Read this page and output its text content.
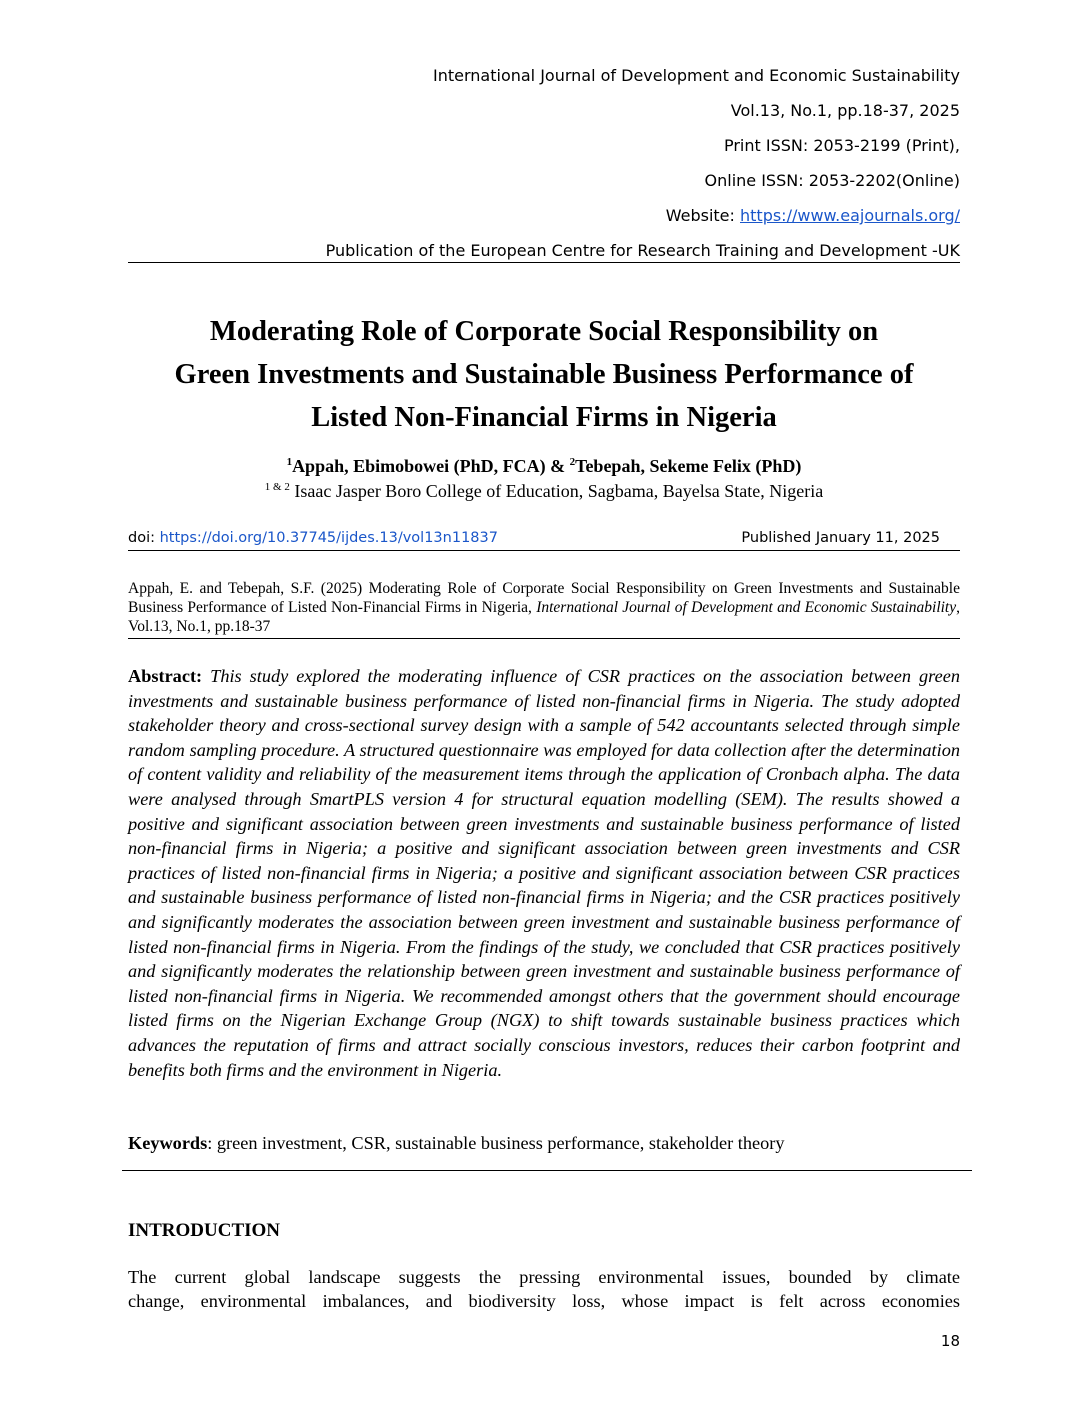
International Journal of Development and Economic Sustainability
Vol.13, No.1, pp.18-37, 2025
Print ISSN: 2053-2199 (Print),
Online ISSN: 2053-2202(Online)
Website: https://www.eajournals.org/
Publication of the European Centre for Research Training and Development -UK
Moderating Role of Corporate Social Responsibility on
Green Investments and Sustainable Business Performance of
Listed Non-Financial Firms in Nigeria
$^1$Appah, Ebimobowei (PhD, FCA) & $^2$Tebepah, Sekeme Felix (PhD)
$^{1 \& 2}$ Isaac Jasper Boro College of Education, Sagbama, Bayelsa State, Nigeria
doi: https://doi.org/10.37745/ijdes.13/vol13n11837	Published January 11, 2025
Appah, E. and Tebepah, S.F. (2025) Moderating Role of Corporate Social Responsibility on Green Investments and Sustainable Business Performance of Listed Non-Financial Firms in Nigeria, International Journal of Development and Economic Sustainability, Vol.13, No.1, pp.18-37
Abstract: This study explored the moderating influence of CSR practices on the association between green investments and sustainable business performance of listed non-financial firms in Nigeria. The study adopted stakeholder theory and cross-sectional survey design with a sample of 542 accountants selected through simple random sampling procedure. A structured questionnaire was employed for data collection after the determination of content validity and reliability of the measurement items through the application of Cronbach alpha. The data were analysed through SmartPLS version 4 for structural equation modelling (SEM). The results showed a positive and significant association between green investments and sustainable business performance of listed non-financial firms in Nigeria; a positive and significant association between green investments and CSR practices of listed non-financial firms in Nigeria; a positive and significant association between CSR practices and sustainable business performance of listed non-financial firms in Nigeria; and the CSR practices positively and significantly moderates the association between green investment and sustainable business performance of listed non-financial firms in Nigeria. From the findings of the study, we concluded that CSR practices positively and significantly moderates the relationship between green investment and sustainable business performance of listed non-financial firms in Nigeria. We recommended amongst others that the government should encourage listed firms on the Nigerian Exchange Group (NGX) to shift towards sustainable business practices which advances the reputation of firms and attract socially conscious investors, reduces their carbon footprint and benefits both firms and the environment in Nigeria.
Keywords: green investment, CSR, sustainable business performance, stakeholder theory
INTRODUCTION
The current global landscape suggests the pressing environmental issues, bounded by climate
change, environmental imbalances, and biodiversity loss, whose impact is felt across economies
18
